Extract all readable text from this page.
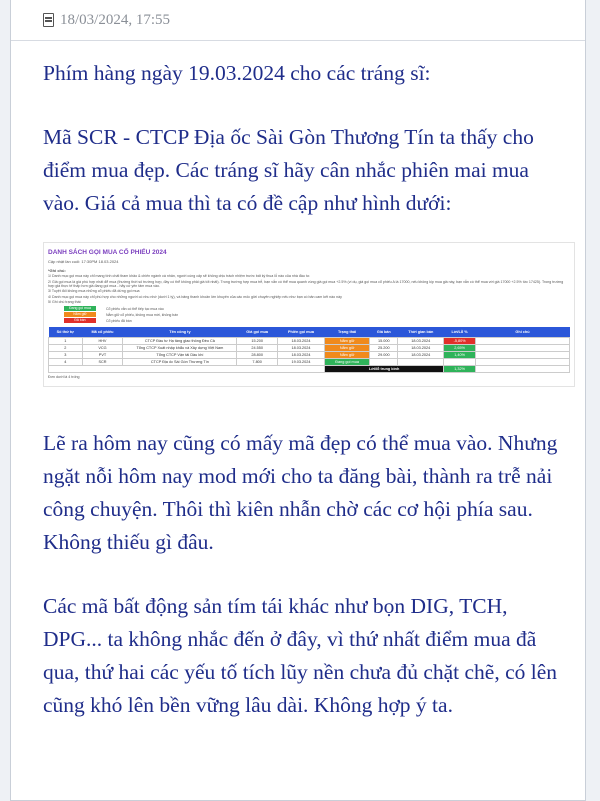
18/03/2024, 17:55

Phím hàng ngày 19.03.2024 cho các tráng sĩ:

Mã SCR - CTCP Địa ốc Sài Gòn Thương Tín ta thấy cho điểm mua đẹp. Các tráng sĩ hãy cân nhắc phiên mai mua vào. Giá cả mua thì ta có đề cập như hình dưới:

DANH SÁCH GỌI MUA CỔ PHIẾU 2024
Cập nhật lần cuối: 17:30PM 18.03.2024
*Ghi chú:
1/ Danh mục gọi mua này chỉ mang tính chất tham khảo & chiến ngành cá nhân, người cùng cấp sẽ không chịu trách nhiệm trước bất kỳ thua lỗ nào của nhà đầu tư.
2/ Giá gọi mua là giá phù hợp nhất để mua (thường thời số trường hợp, đầy có thể không phải giá tốt nhất). Trong trường hợp mua trễ, bạn vẫn có thể mua quanh vùng giá gọi mua +2.5% (ví dụ, giá gọi mua cổ phiếu A là 17000, nếu không kịp mua giá này, bạn vẫn có thể mua với giá 17000 +2.5% tức 17425). Trong trường hợp giá thực tế thấp hơn giá đang gọi mua - hãy cứ yên tâm mua vào.
3/ Tuyệt đối không mua những cổ phiếu đã dừng gọi mua
4/ Danh mục gọi mua này chỉ phù hợp cho những người có nhu nhớ (dưới 1 tỷ), và bảng thanh khoản lớn khuyên của các mốc giới chuyên nghiệp nếu như bạn có bản cam kết nào này
5/ Ghi chú trạng thái:
Đang gọi mua	Cổ phiếu vẫn có thể tiếp tục mua vào
Nắm giữ	Nắm giữ cổ phiếu, không mua mới, không bán
Đã bán	Cổ phiếu đã bán
Số thứ tự	Mã cổ phiếu	Tên công ty	Giá gọi mua	Phiên gọi mua	Trạng thái	Giá bán	Thời gian bán	Lời/Lỗ %	Ghi chú
1	HHV	CTCP Đầu tư Hạ tầng giao thông Đèo Cả	15.200	18.03.2024	Nắm giữ	15.000	18.03.2024	-5,80%	
2	VCG	Tổng CTCP Xuất nhập khẩu và Xây dựng Việt Nam	24.550	18.03.2024	Nắm giữ	25.200	18.03.2024	2,65%	
3	PVT	Tổng CTCP Vận tải Dầu khí	28.800	18.03.2024	Nắm giữ	29.000	18.03.2024	1,40%	
4	SCR	CTCP Địa ốc Sài Gòn Thương Tín	7.800	19.03.2024	Đang gọi mua				

					Lời/lỗ trung bình			1,32%	
Đơn dưới là 4 trống

Lẽ ra hôm nay cũng có mấy mã đẹp có thể mua vào. Nhưng ngặt nỗi hôm nay mod mới cho ta đăng bài, thành ra trễ nải công chuyện. Thôi thì kiên nhẫn chờ các cơ hội phía sau. Không thiếu gì đâu.

Các mã bất động sản tím tái khác như bọn DIG, TCH, DPG... ta không nhắc đến ở đây, vì thứ nhất điểm mua đã qua, thứ hai các yếu tố tích lũy nền chưa đủ chặt chẽ, có lên cũng khó lên bền vững lâu dài. Không hợp ý ta.
